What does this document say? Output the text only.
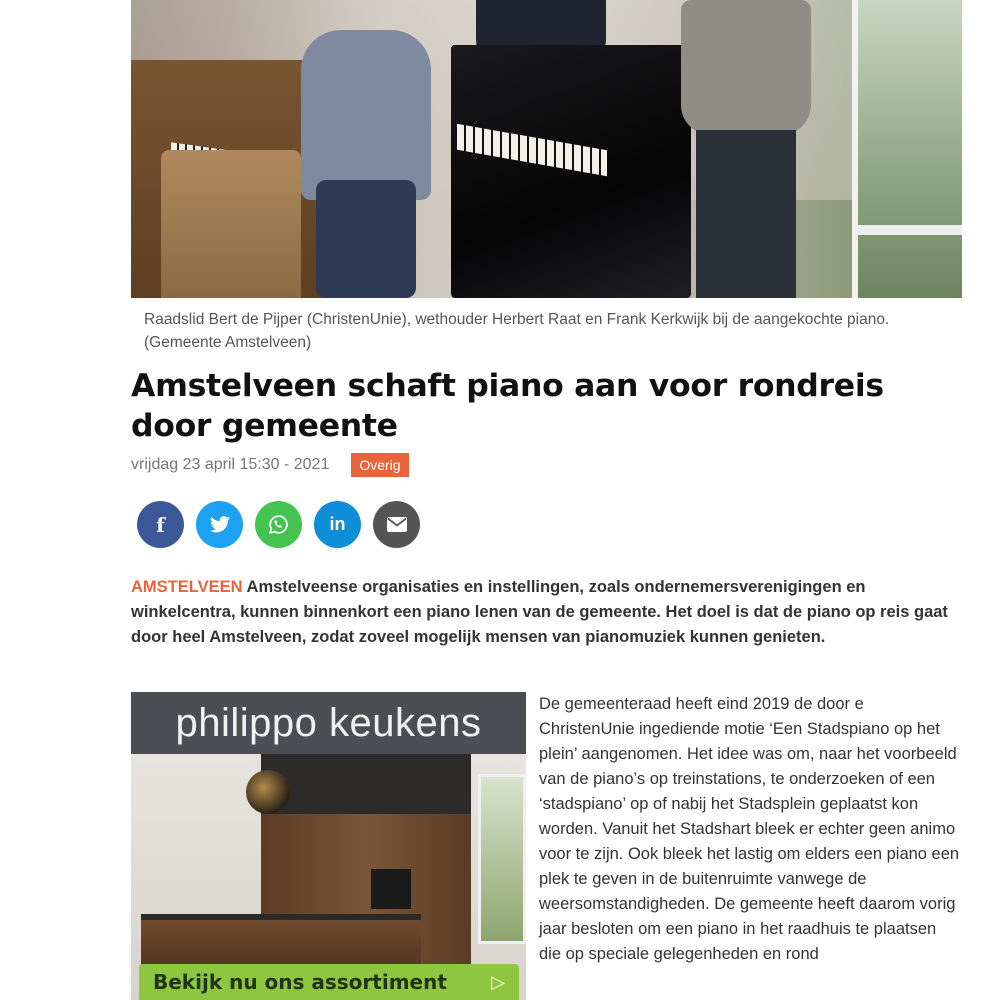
Raadslid Bert de Pijper (ChristenUnie), wethouder Herbert Raat en Frank Kerkwijk bij de aangekochte piano. (Gemeente Amstelveen)

Amstelveen schaft piano aan voor rondreis door gemeente
vrijdag 23 april 15:30 - 2021	Overig
f	in

AMSTELVEEN Amstelveense organisaties en instellingen, zoals ondernemersverenigingen en winkelcentra, kunnen binnenkort een piano lenen van de gemeente. Het doel is dat de piano op reis gaat door heel Amstelveen, zodat zoveel mogelijk mensen van pianomuziek kunnen genieten.

philippo keukens
Bekijk nu ons assortiment ▷

De gemeenteraad heeft eind 2019 de door e ChristenUnie ingediende motie ‘Een Stadspiano op het plein’ aangenomen. Het idee was om, naar het voorbeeld van de piano’s op treinstations, te onderzoeken of een ‘stadspiano’ op of nabij het Stadsplein geplaatst kon worden. Vanuit het Stadshart bleek er echter geen animo voor te zijn. Ook bleek het lastig om elders een piano een plek te geven in de buitenruimte vanwege de weersomstandigheden. De gemeente heeft daarom vorig jaar besloten om een piano in het raadhuis te plaatsen die op speciale gelegenheden en rond
